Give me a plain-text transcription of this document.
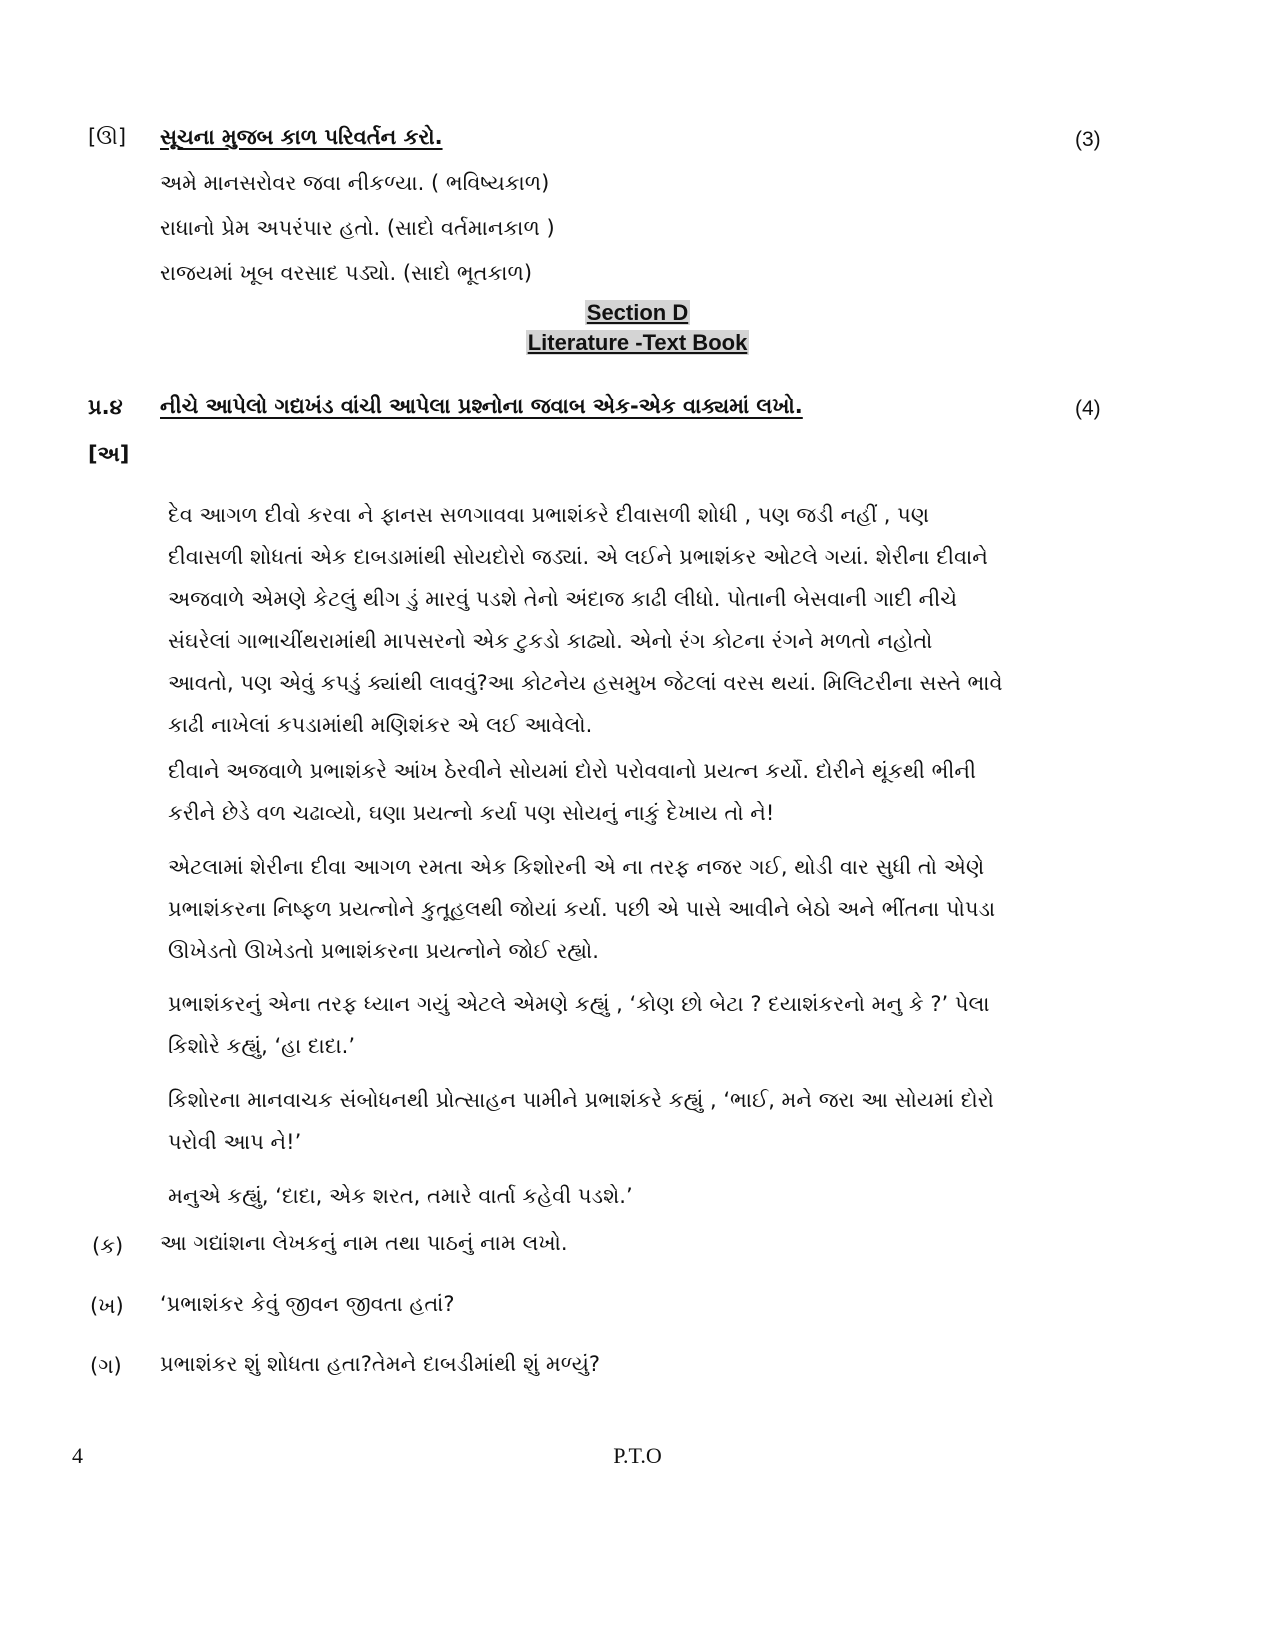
[ઊ] સૂચના મુજબ કાળ પરિવર્તન કરો.	(3)
અમે માનસરોવર જવા નીકળ્યા. ( ભવિષ્યકાળ)
રાધાનો પ્રેમ અપરંપાર હતો. (સાદો વર્તમાનકાળ )
રાજયમાં ખૂબ વરસાદ પડ્યો. (સાદો ભૂતકાળ)
Section D
Literature -Text Book
પ્ર.૪ નીચે આપેલો ગદ્યખંડ વાંચી આપેલા પ્રશ્નોના જવાબ એક-એક વાક્યમાં લખો.	(4)
[અ]
દેવ આગળ દીવો કરવા ને ફાનસ સળગાવવા પ્રભાશંકરે દીવાસળી શોધી , પણ જડી નહીં , પણ
દીવાસળી શોધતાં એક દાબડામાંથી સોયદોરો જડ્યાં. એ લઈને પ્રભાશંકર ઓટલે ગયાં. શેરીના દીવાને
અજવાળે એમણે કેટલું થીગ ડું મારવું પડશે તેનો અંદાજ કાઢી લીધો. પોતાની બેસવાની ગાદી નીચે
સંઘરેલાં ગાભાચીંથરામાંથી માપસરનો એક ટુકડો કાઢ્યો. એનો રંગ કોટના રંગને મળતો નહોતો
આવતો, પણ એવું કપડું ક્યાંથી લાવવું?આ કોટનેય હસમુખ જેટલાં વરસ થયાં. મિલિટરીના સસ્તે ભાવે
કાઢી નાખેલાં કપડામાંથી મણિશંકર એ લઈ આવેલો.
દીવાને અજવાળે પ્રભાશંકરે આંખ ઠેરવીને સોયમાં દોરો પરોવવાનો પ્રયત્ન કર્યો. દોરીને થૂંકથી ભીની
કરીને છેડે વળ ચઢાવ્યો, ઘણા પ્રયત્નો કર્યા પણ સોયનું નાકું દેખાય તો ને!
એટલામાં શેરીના દીવા આગળ રમતા એક કિશોરની એ ના તરફ નજર ગઈ, થોડી વાર સુધી તો એણે
પ્રભાશંકરના નિષ્ફળ પ્રયત્નોને કુતૂહલથી જોયાં કર્યા. પછી એ પાસે આવીને બેઠો અને ભીંતના પોપડા
ઊખેડતો ઊખેડતો પ્રભાશંકરના પ્રયત્નોને જોઈ રહ્યો.
પ્રભાશંકરનું એના તરફ ધ્યાન ગયું એટલે એમણે કહ્યું , ‘કોણ છો બેટા ? દયાશંકરનો મનુ કે ?’ પેલા
કિશોરે કહ્યું, ‘હા દાદા.’
કિશોરના માનવાચક સંબોધનથી પ્રોત્સાહન પામીને પ્રભાશંકરે કહ્યું , ‘ભાઈ, મને જરા આ સોયમાં દોરો
પરોવી આપ ને!’
મનુએ કહ્યું, ‘દાદા, એક શરત, તમારે વાર્તા કહેવી પડશે.’
(ક) આ ગદ્યાંશના લેખકનું નામ તથા પાઠનું નામ લખો.
(ખ) ‘પ્રભાશંકર કેવું જીવન જીવતા હતાં?
(ગ) પ્રભાશંકર શું શોધતા હતા?તેમને દાબડીમાંથી શું મળ્યું?
4	P.T.O
